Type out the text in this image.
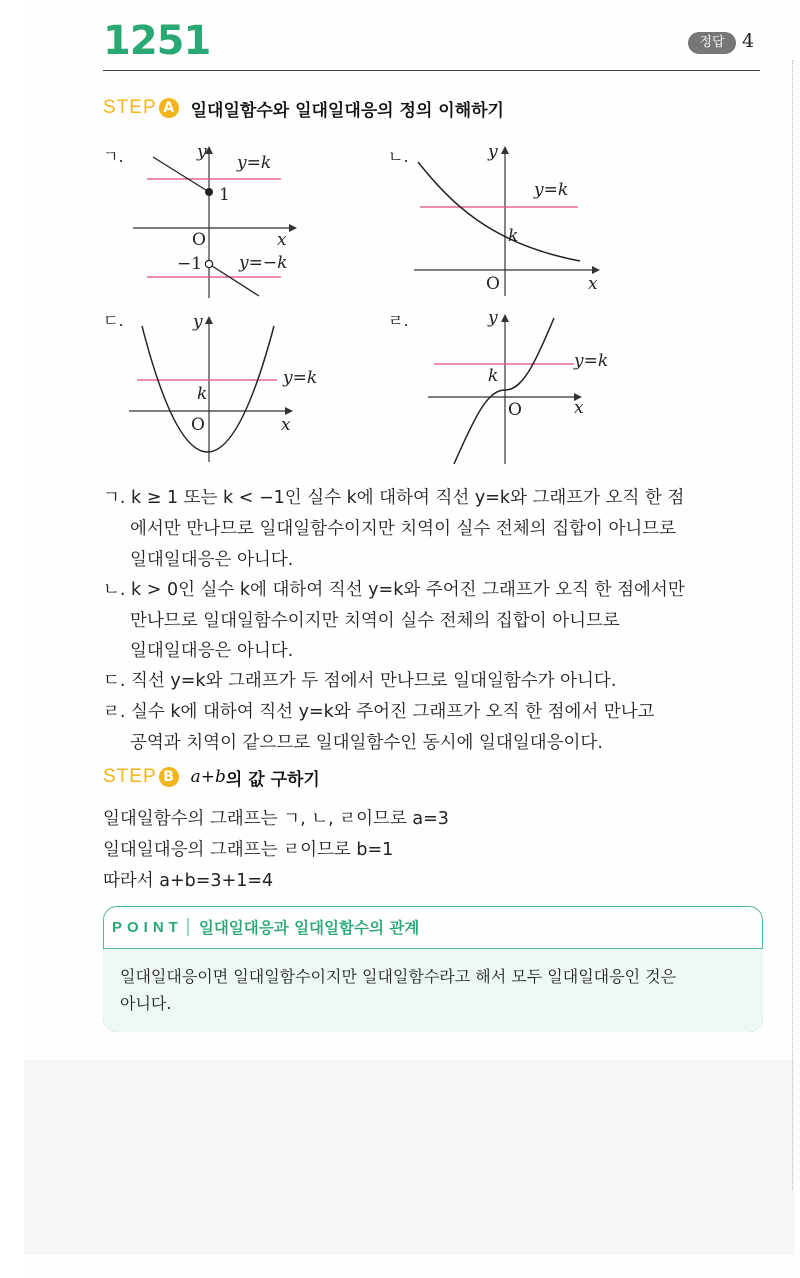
1251	정답 4
STEP A 일대일함수와 일대일대응의 정의 이해하기
ㄱ.	y
y=k
1
O	x
−1 y=−k
ㄴ.	y
y=k
k
O	x
ㄷ.	y
y=k
k
O	x
ㄹ.	y
y=k
k
O	x
ㄱ. k ≥ 1 또는 k < −1인 실수 k에 대하여 직선 y=k와 그래프가 오직 한 점
에서만 만나므로 일대일함수이지만 치역이 실수 전체의 집합이 아니므로
일대일대응은 아니다.
ㄴ. k > 0인 실수 k에 대하여 직선 y=k와 주어진 그래프가 오직 한 점에서만
만나므로 일대일함수이지만 치역이 실수 전체의 집합이 아니므로
일대일대응은 아니다.
ㄷ. 직선 y=k와 그래프가 두 점에서 만나므로 일대일함수가 아니다.
ㄹ. 실수 k에 대하여 직선 y=k와 주어진 그래프가 오직 한 점에서 만나고
공역과 치역이 같으므로 일대일함수인 동시에 일대일대응이다.
STEP B a+b 의 값 구하기
일대일함수의 그래프는 ㄱ, ㄴ, ㄹ이므로 a=3
일대일대응의 그래프는 ㄹ이므로 b=1
따라서 a+b=3+1=4
POINT 일대일대응과 일대일함수의 관계
일대일대응이면 일대일함수이지만 일대일함수라고 해서 모두 일대일대응인 것은
아니다.
